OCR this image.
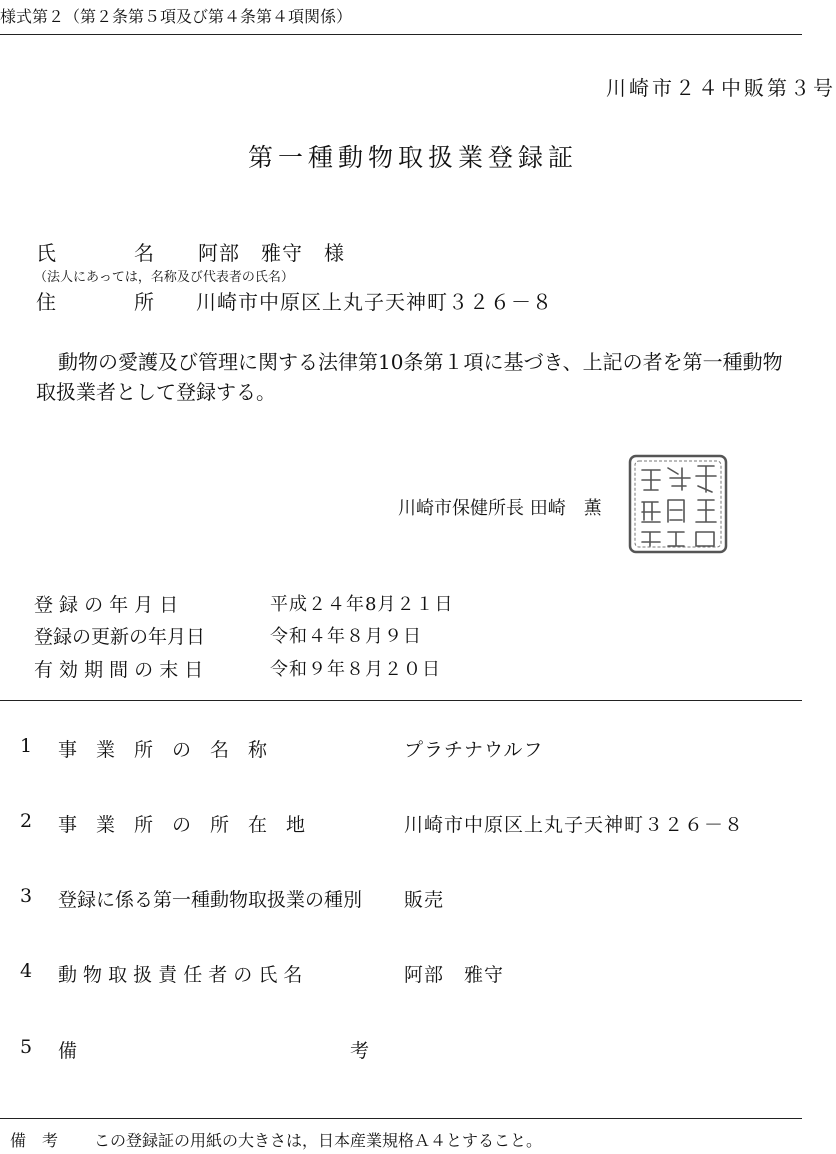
様式第２（第２条第５項及び第４条第４項関係）
川崎市２４中販第３号
第一種動物取扱業登録証
氏	名 阿部　雅守　様
（法人にあっては，名称及び代表者の氏名）
住	所 川崎市中原区上丸子天神町３２６－８
動物の愛護及び管理に関する法律第10条第１項に基づき、上記の者を第一種動物取扱業者として登録する。
川崎市保健所長 田崎　薫
登 録 の 年 月 日	平成２４年8月２１日
登録の更新の年月日	令和４年８月９日
有 効 期 間 の 末 日	令和９年８月２０日
1 事　業　所　の　名　称	プラチナウルフ
2 事　業　所　の　所　在　地	川崎市中原区上丸子天神町３２６－８
3 登録に係る第一種動物取扱業の種別 販売
4 動 物 取 扱 責 任 者 の 氏 名	阿部　雅守
5 備	考
備　考 この登録証の用紙の大きさは，日本産業規格Ａ４とすること。
